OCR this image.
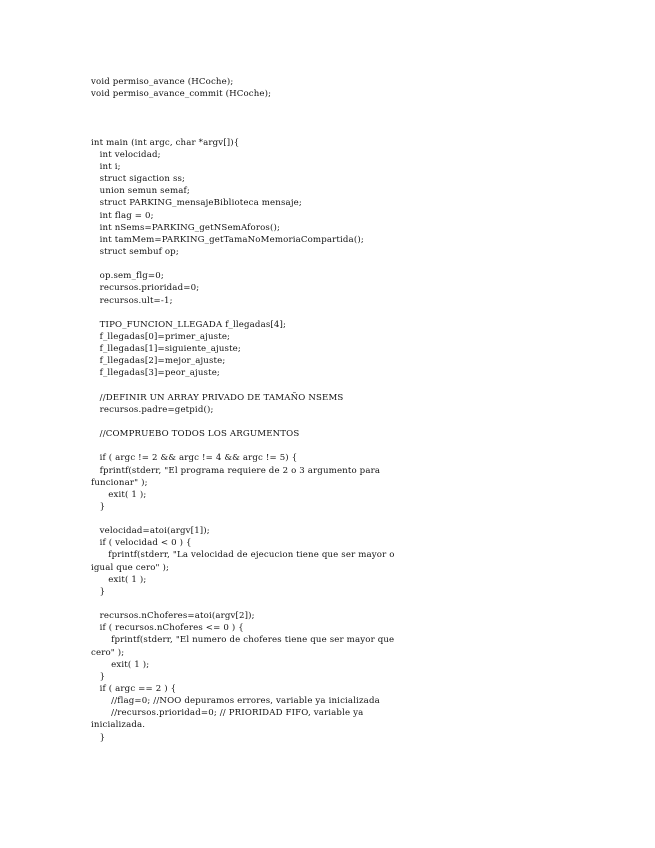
void permiso_avance (HCoche);
void permiso_avance_commit (HCoche);

int main (int argc, char *argv[]){
int velocidad;
int i;
struct sigaction ss;
union semun semaf;
struct PARKING_mensajeBiblioteca mensaje;
int flag = 0;
int nSems=PARKING_getNSemAforos();
int tamMem=PARKING_getTamaNoMemoriaCompartida();
struct sembuf op;

op.sem_flg=0;
recursos.prioridad=0;
recursos.ult=-1;

TIPO_FUNCION_LLEGADA f_llegadas[4];
f_llegadas[0]=primer_ajuste;
f_llegadas[1]=siguiente_ajuste;
f_llegadas[2]=mejor_ajuste;
f_llegadas[3]=peor_ajuste;

//DEFINIR UN ARRAY PRIVADO DE TAMAÑO NSEMS
recursos.padre=getpid();

//COMPRUEBO TODOS LOS ARGUMENTOS

if ( argc != 2 && argc != 4 && argc != 5) {
fprintf(stderr, "El programa requiere de 2 o 3 argumento para
funcionar" );
exit( 1 );
}

velocidad=atoi(argv[1]);
if ( velocidad < 0 ) {
fprintf(stderr, "La velocidad de ejecucion tiene que ser mayor o
igual que cero" );
exit( 1 );
}

recursos.nChoferes=atoi(argv[2]);
if ( recursos.nChoferes <= 0 ) {
fprintf(stderr, "El numero de choferes tiene que ser mayor que
cero" );
exit( 1 );
}
if ( argc == 2 ) {
//flag=0; //NOO depuramos errores, variable ya inicializada
//recursos.prioridad=0; // PRIORIDAD FIFO, variable ya
inicializada.
}
